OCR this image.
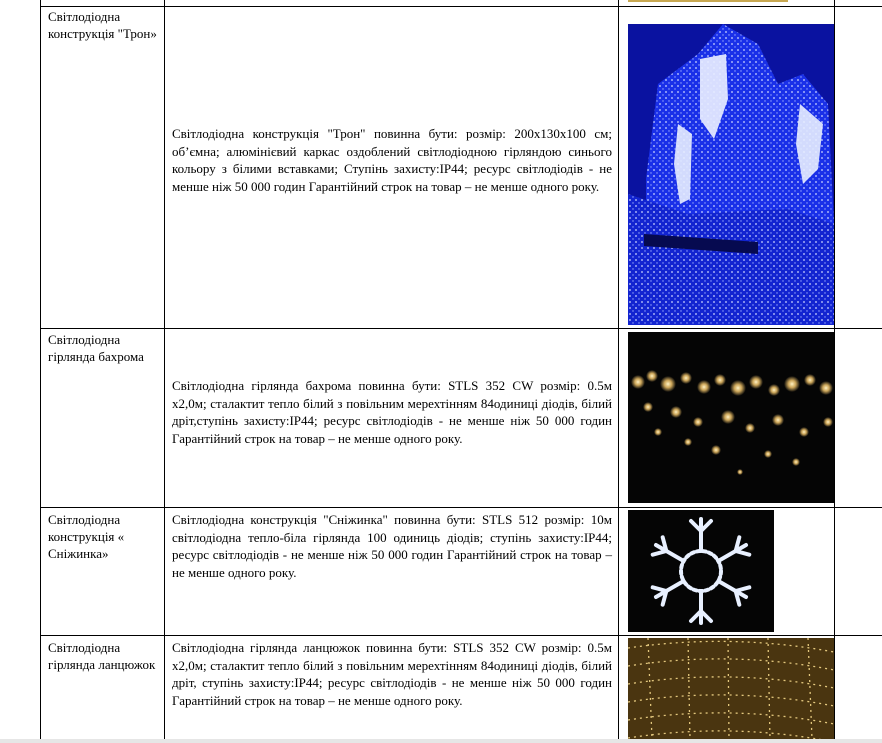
Світлодіодна конструкція "Трон»
Світлодіодна конструкція "Трон" повинна бути: розмір: 200х130х100 см; об’ємна; алюмінієвий каркас оздоблений світлодіодною гірляндою синього кольору з білими вставками; Ступінь захисту:IP44; ресурс світлодіодів - не менше ніж 50 000 годин Гарантійний строк на товар – не менше одного року.
Світлодіодна гірлянда бахрома
Світлодіодна гірлянда бахрома повинна бути: STLS 352 CW розмір: 0.5м х2,0м; сталактит тепло білий з повільним мерехтінням 84одиниці діодів, білий дріт,ступінь захисту:IP44; ресурс світлодіодів - не менше ніж 50 000 годин Гарантійний строк на товар – не менше одного року.
Світлодіодна конструкція « Сніжинка»
Світлодіодна конструкція "Сніжинка" повинна бути: STLS 512 розмір: 10м світлодіодна тепло-біла гірлянда 100 одиниць діодів; ступінь захисту:IP44; ресурс світлодіодів - не менше ніж 50 000 годин Гарантійний строк на товар – не менше одного року.
Світлодіодна гірлянда ланцюжок
Світлодіодна гірлянда ланцюжок повинна бути: STLS 352 CW розмір: 0.5м х2,0м; сталактит тепло білий з повільним мерехтінням 84одиниці діодів, білий дріт, ступінь захисту:IP44; ресурс світлодіодів - не менше ніж 50 000 годин Гарантійний строк на товар – не менше одного року.
